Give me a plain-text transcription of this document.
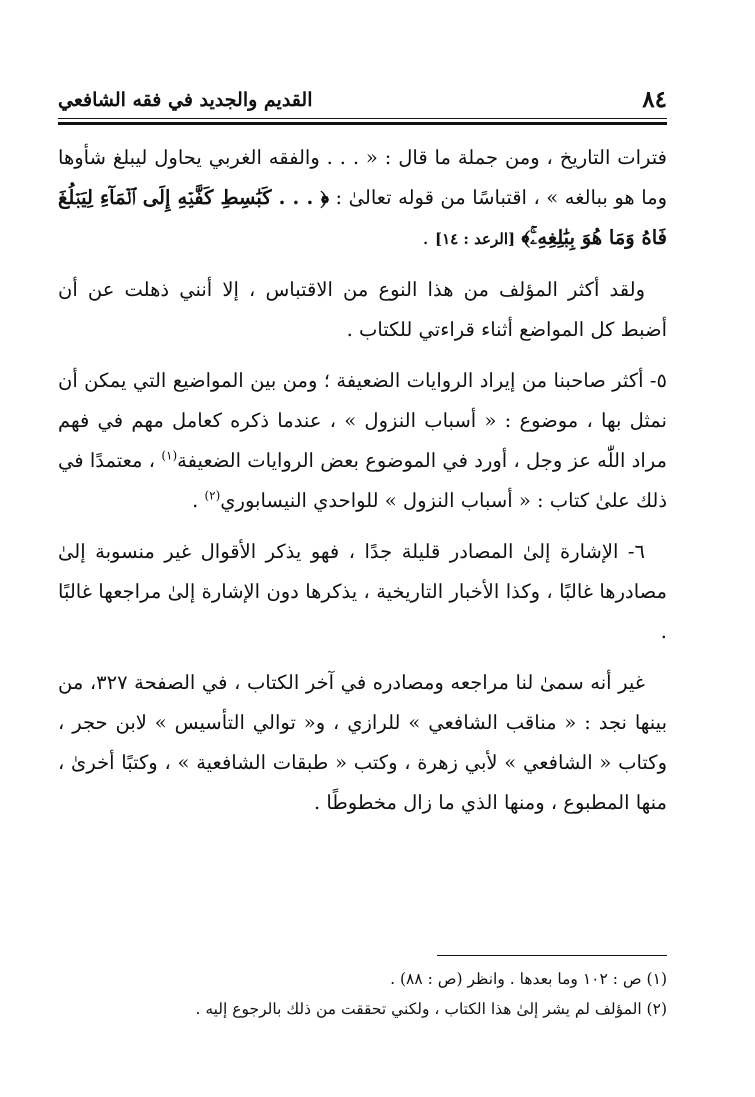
٨٤
القديم والجديد في فقه الشافعي

فترات التاريخ ، ومن جملة ما قال : « . . . والفقه الغربي يحاول ليبلغ شأوها وما هو ببالغه » ، اقتباسًا من قوله تعالىٰ : ﴿ . . . كَبَٰسِطِ كَفَّيۡهِ إِلَى ٱلۡمَآءِ لِيَبۡلُغَ فَاهُ وَمَا هُوَ بِبَٰلِغِهِۦۚ﴾ [الرعد : ١٤] .

ولقد أكثر المؤلف من هذا النوع من الاقتباس ، إلا أنني ذهلت عن أن أضبط كل المواضع أثناء قراءتي للكتاب .

٥- أكثر صاحبنا من إيراد الروايات الضعيفة ؛ ومن بين المواضيع التي يمكن أن نمثل بها ، موضوع : « أسباب النزول » ، عندما ذكره كعامل مهم في فهم مراد اللّٰه عز وجل ، أورد في الموضوع بعض الروايات الضعيفة$^{(١)}$ ، معتمدًا في ذلك علىٰ كتاب : « أسباب النزول » للواحدي النيسابوري$^{(٢)}$ .

٦- الإشارة إلىٰ المصادر قليلة جدًا ، فهو يذكر الأقوال غير منسوبة إلىٰ مصادرها غالبًا ، وكذا الأخبار التاريخية ، يذكرها دون الإشارة إلىٰ مراجعها غالبًا .

غير أنه سمىٰ لنا مراجعه ومصادره في آخر الكتاب ، في الصفحة ٣٢٧، من بينها نجد : « مناقب الشافعي » للرازي ، و« توالي التأسيس » لابن حجر ، وكتاب « الشافعي » لأبي زهرة ، وكتب « طبقات الشافعية » ، وكتبًا أخرىٰ ، منها المطبوع ، ومنها الذي ما زال مخطوطًا .

(١) ص : ١٠٢ وما بعدها . وانظر (ص : ٨٨) .

(٢) المؤلف لم يشر إلىٰ هذا الكتاب ، ولكني تحققت من ذلك بالرجوع إليه .
